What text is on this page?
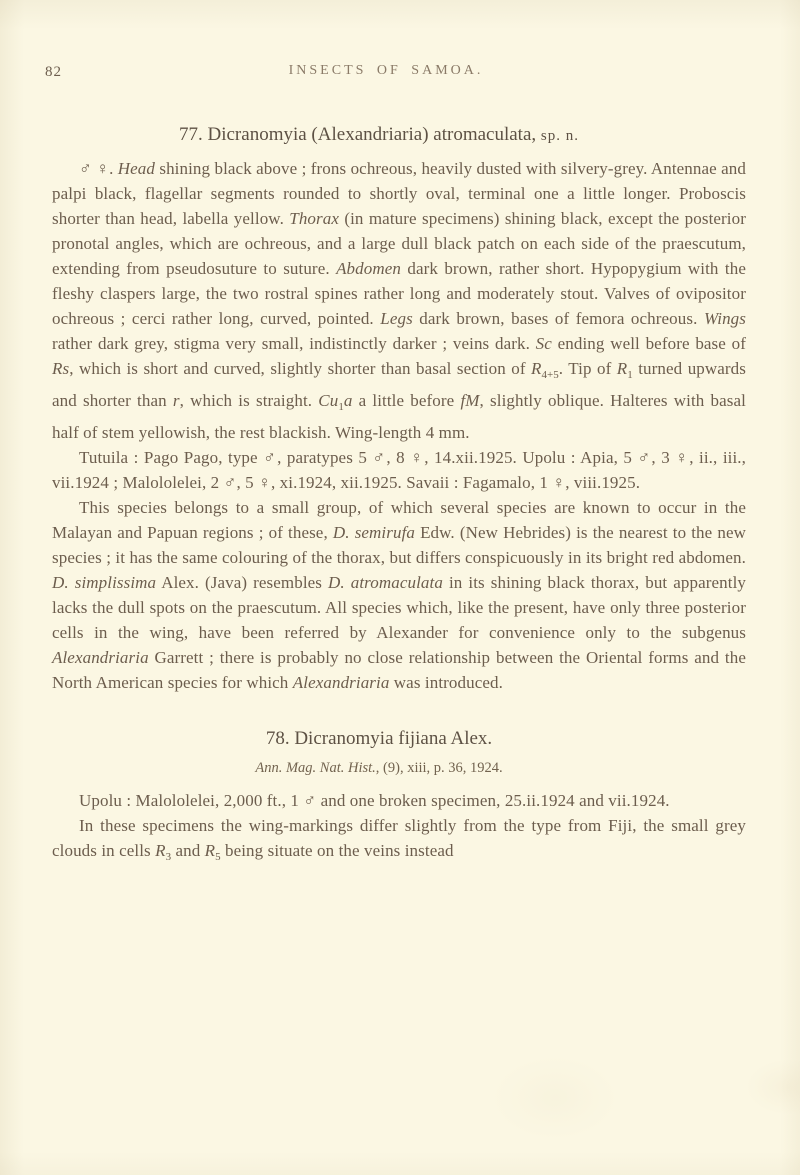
82	INSECTS OF SAMOA.
77. Dicranomyia (Alexandriaria) atromaculata, sp. n.
♂ ♀. Head shining black above ; frons ochreous, heavily dusted with silvery-grey. Antennae and palpi black, flagellar segments rounded to shortly oval, terminal one a little longer. Proboscis shorter than head, labella yellow. Thorax (in mature specimens) shining black, except the posterior pronotal angles, which are ochreous, and a large dull black patch on each side of the praescutum, extending from pseudosuture to suture. Abdomen dark brown, rather short. Hypopygium with the fleshy claspers large, the two rostral spines rather long and moderately stout. Valves of ovipositor ochreous ; cerci rather long, curved, pointed. Legs dark brown, bases of femora ochreous. Wings rather dark grey, stigma very small, indistinctly darker ; veins dark. Sc ending well before base of Rs, which is short and curved, slightly shorter than basal section of $R_{4+5}$. Tip of $R_1$ turned upwards and shorter than r, which is straight. $Cu_1a$ a little before fM, slightly oblique. Halteres with basal half of stem yellowish, the rest blackish. Wing-length 4 mm.
Tutuila : Pago Pago, type ♂, paratypes 5 ♂, 8 ♀, 14.xii.1925. Upolu : Apia, 5 ♂, 3 ♀, ii., iii., vii.1924 ; Malololelei, 2 ♂, 5 ♀, xi.1924, xii.1925. Savaii : Fagamalo, 1 ♀, viii.1925.
This species belongs to a small group, of which several species are known to occur in the Malayan and Papuan regions ; of these, D. semirufa Edw. (New Hebrides) is the nearest to the new species ; it has the same colouring of the thorax, but differs conspicuously in its bright red abdomen. D. simplissima Alex. (Java) resembles D. atromaculata in its shining black thorax, but apparently lacks the dull spots on the praescutum. All species which, like the present, have only three posterior cells in the wing, have been referred by Alexander for convenience only to the subgenus Alexandriaria Garrett ; there is probably no close relationship between the Oriental forms and the North American species for which Alexandriaria was introduced.
78. Dicranomyia fijiana Alex.
Ann. Mag. Nat. Hist., (9), xiii, p. 36, 1924.
Upolu : Malololelei, 2,000 ft., 1 ♂ and one broken specimen, 25.ii.1924 and vii.1924.
In these specimens the wing-markings differ slightly from the type from Fiji, the small grey clouds in cells $R_3$ and $R_5$ being situate on the veins instead
